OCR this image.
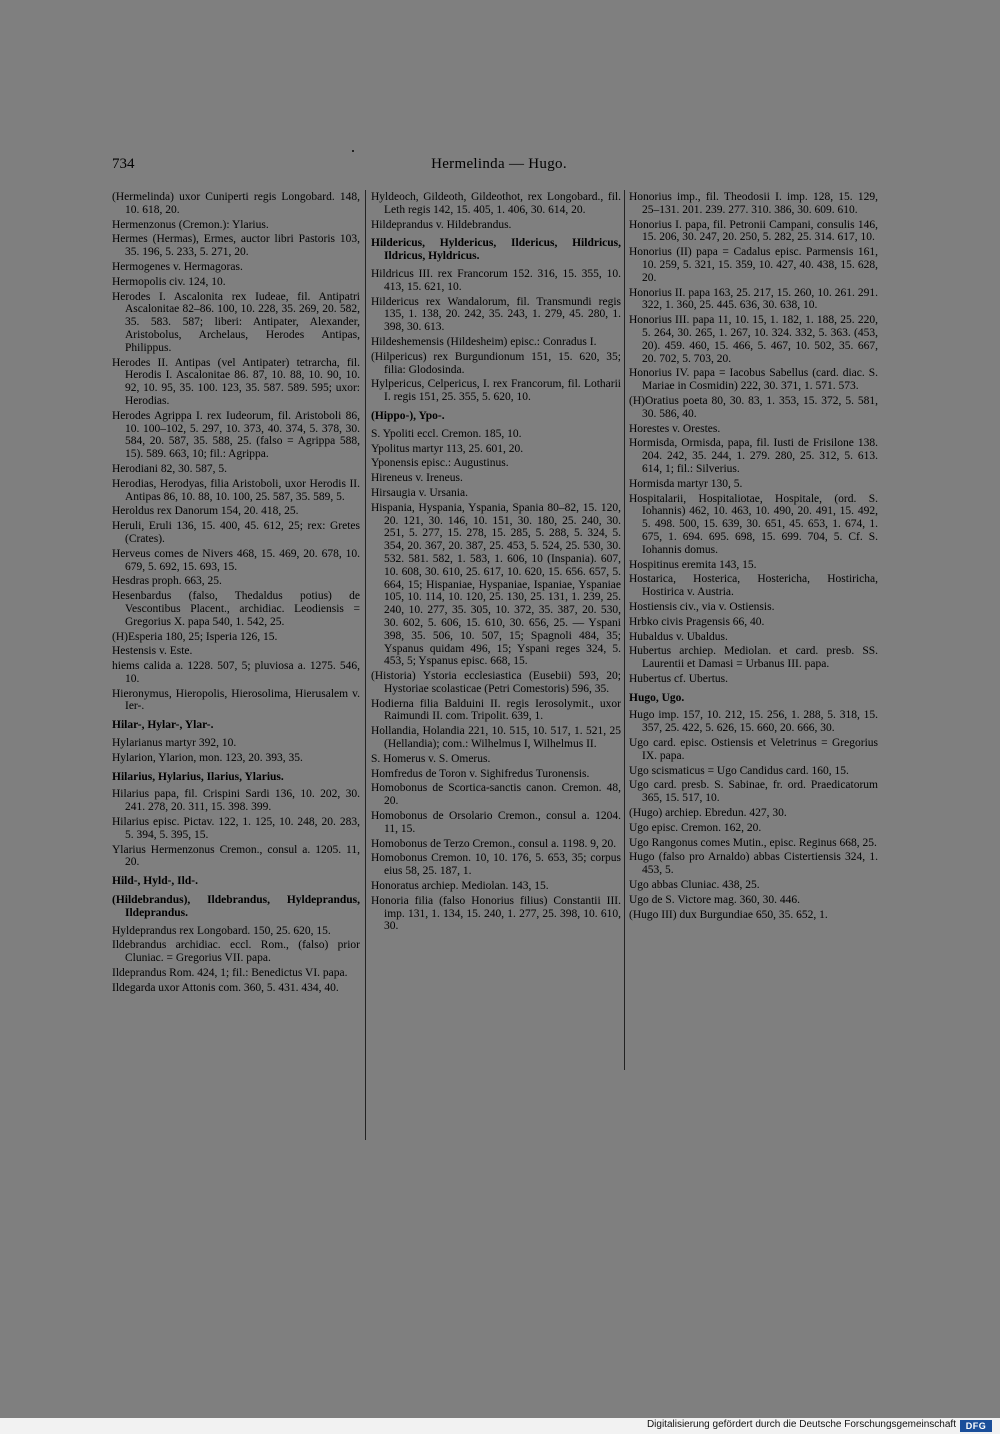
734	Hermelinda — Hugo.
(Hermelinda) uxor Cuniperti regis Longobard. 148, 10. 618, 20.
Hermenzonus (Cremon.): Ylarius.
Hermes (Hermas), Ermes, auctor libri Pastoris 103, 35. 196, 5. 233, 5. 271, 20.
Hermogenes v. Hermagoras.
Hermopolis civ. 124, 10.
Herodes I. Ascalonita rex Iudeae, fil. Antipatri Ascalonitae 82–86. 100, 10. 228, 35. 269, 20. 582, 35. 583. 587; liberi: Antipater, Alexander, Aristobolus, Archelaus, Herodes Antipas, Philippus.
Herodes II. Antipas (vel Antipater) tetrarcha, fil. Herodis I. Ascalonitae 86. 87, 10. 88, 10. 90, 10. 92, 10. 95, 35. 100. 123, 35. 587. 589. 595; uxor: Herodias.
Herodes Agrippa I. rex Iudeorum, fil. Aristoboli 86, 10. 100–102, 5. 297, 10. 373, 40. 374, 5. 378, 30. 584, 20. 587, 35. 588, 25. (falso = Agrippa 588, 15). 589. 663, 10; fil.: Agrippa.
Herodiani 82, 30. 587, 5.
Herodias, Herodyas, filia Aristoboli, uxor Herodis II. Antipas 86, 10. 88, 10. 100, 25. 587, 35. 589, 5.
Heroldus rex Danorum 154, 20. 418, 25.
Heruli, Eruli 136, 15. 400, 45. 612, 25; rex: Gretes (Crates).
Herveus comes de Nivers 468, 15. 469, 20. 678, 10. 679, 5. 692, 15. 693, 15.
Hesdras proph. 663, 25.
Hesenbardus (falso, Thedaldus potius) de Vescontibus Placent., archidiac. Leodiensis = Gregorius X. papa 540, 1. 542, 25.
(H)Esperia 180, 25; Isperia 126, 15.
Hestensis v. Este.
hiems calida a. 1228. 507, 5; pluviosa a. 1275. 546, 10.
Hieronymus, Hieropolis, Hierosolima, Hierusalem v. Ier-.
Hilar-, Hylar-, Ylar-.
Hylarianus martyr 392, 10.
Hylarion, Ylarion, mon. 123, 20. 393, 35.
Hilarius, Hylarius, Ilarius, Ylarius.
Hilarius papa, fil. Crispini Sardi 136, 10. 202, 30. 241. 278, 20. 311, 15. 398. 399.
Hilarius episc. Pictav. 122, 1. 125, 10. 248, 20. 283, 5. 394, 5. 395, 15.
Ylarius Hermenzonus Cremon., consul a. 1205. 11, 20.
Hild-, Hyld-, Ild-.
(Hildebrandus), Ildebrandus, Hyldeprandus, Ildeprandus.
Hyldeprandus rex Longobard. 150, 25. 620, 15.
Ildebrandus archidiac. eccl. Rom., (falso) prior Cluniac. = Gregorius VII. papa.
Ildeprandus Rom. 424, 1; fil.: Benedictus VI. papa.
Ildegarda uxor Attonis com. 360, 5. 431. 434, 40.
Hyldeoch, Gildeoth, Gildeothot, rex Longobard., fil. Leth regis 142, 15. 405, 1. 406, 30. 614, 20.
Hildeprandus v. Hildebrandus.
Hildericus, Hyldericus, Ildericus, Hildricus, Ildricus, Hyldricus.
Hildricus III. rex Francorum 152. 316, 15. 355, 10. 413, 15. 621, 10.
Hildericus rex Wandalorum, fil. Transmundi regis 135, 1. 138, 20. 242, 35. 243, 1. 279, 45. 280, 1. 398, 30. 613.
Hildeshemensis (Hildesheim) episc.: Conradus I.
(Hilpericus) rex Burgundionum 151, 15. 620, 35; filia: Glodosinda.
Hylpericus, Celpericus, I. rex Francorum, fil. Lotharii I. regis 151, 25. 355, 5. 620, 10.
(Hippo-), Ypo-.
S. Ypoliti eccl. Cremon. 185, 10.
Ypolitus martyr 113, 25. 601, 20.
Yponensis episc.: Augustinus.
Hireneus v. Ireneus.
Hirsaugia v. Ursania.
Hispania, Hyspania, Yspania, Spania 80–82, 15. 120, 20. 121, 30. 146, 10. 151, 30. 180, 25. 240, 30. 251, 5. 277, 15. 278, 15. 285, 5. 288, 5. 324, 5. 354, 20. 367, 20. 387, 25. 453, 5. 524, 25. 530, 30. 532. 581. 582, 1. 583, 1. 606, 10 (Inspania). 607, 10. 608, 30. 610, 25. 617, 10. 620, 15. 656. 657, 5. 664, 15; Hispaniae, Hyspaniae, Ispaniae, Yspaniae 105, 10. 114, 10. 120, 25. 130, 25. 131, 1. 239, 25. 240, 10. 277, 35. 305, 10. 372, 35. 387, 20. 530, 30. 602, 5. 606, 15. 610, 30. 656, 25. — Yspani 398, 35. 506, 10. 507, 15; Spagnoli 484, 35; Yspanus quidam 496, 15; Yspani reges 324, 5. 453, 5; Yspanus episc. 668, 15.
(Historia) Ystoria ecclesiastica (Eusebii) 593, 20; Hystoriae scolasticae (Petri Comestoris) 596, 35.
Hodierna filia Balduini II. regis Ierosolymit., uxor Raimundi II. com. Tripolit. 639, 1.
Hollandia, Holandia 221, 10. 515, 10. 517, 1. 521, 25 (Hellandia); com.: Wilhelmus I, Wilhelmus II.
S. Homerus v. S. Omerus.
Homfredus de Toron v. Sighifredus Turonensis.
Homobonus de Scortica-sanctis canon. Cremon. 48, 20.
Homobonus de Orsolario Cremon., consul a. 1204. 11, 15.
Homobonus de Terzo Cremon., consul a. 1198. 9, 20.
Homobonus Cremon. 10, 10. 176, 5. 653, 35; corpus eius 58, 25. 187, 1.
Honoratus archiep. Mediolan. 143, 15.
Honoria filia (falso Honorius filius) Constantii III. imp. 131, 1. 134, 15. 240, 1. 277, 25. 398, 10. 610, 30.
Honorius imp., fil. Theodosii I. imp. 128, 15. 129, 25–131. 201. 239. 277. 310. 386, 30. 609. 610.
Honorius I. papa, fil. Petronii Campani, consulis 146, 15. 206, 30. 247, 20. 250, 5. 282, 25. 314. 617, 10.
Honorius (II) papa = Cadalus episc. Parmensis 161, 10. 259, 5. 321, 15. 359, 10. 427, 40. 438, 15. 628, 20.
Honorius II. papa 163, 25. 217, 15. 260, 10. 261. 291. 322, 1. 360, 25. 445. 636, 30. 638, 10.
Honorius III. papa 11, 10. 15, 1. 182, 1. 188, 25. 220, 5. 264, 30. 265, 1. 267, 10. 324. 332, 5. 363. (453, 20). 459. 460, 15. 466, 5. 467, 10. 502, 35. 667, 20. 702, 5. 703, 20.
Honorius IV. papa = Iacobus Sabellus (card. diac. S. Mariae in Cosmidin) 222, 30. 371, 1. 571. 573.
(H)Oratius poeta 80, 30. 83, 1. 353, 15. 372, 5. 581, 30. 586, 40.
Horestes v. Orestes.
Hormisda, Ormisda, papa, fil. Iusti de Frisilone 138. 204. 242, 35. 244, 1. 279. 280, 25. 312, 5. 613. 614, 1; fil.: Silverius.
Hormisda martyr 130, 5.
Hospitalarii, Hospitaliotae, Hospitale, (ord. S. Iohannis) 462, 10. 463, 10. 490, 20. 491, 15. 492, 5. 498. 500, 15. 639, 30. 651, 45. 653, 1. 674, 1. 675, 1. 694. 695. 698, 15. 699. 704, 5. Cf. S. Iohannis domus.
Hospitinus eremita 143, 15.
Hostarica, Hosterica, Hostericha, Hostiricha, Hostirica v. Austria.
Hostiensis civ., via v. Ostiensis.
Hrbko civis Pragensis 66, 40.
Hubaldus v. Ubaldus.
Hubertus archiep. Mediolan. et card. presb. SS. Laurentii et Damasi = Urbanus III. papa.
Hubertus cf. Ubertus.
Hugo, Ugo.
Hugo imp. 157, 10. 212, 15. 256, 1. 288, 5. 318, 15. 357, 25. 422, 5. 626, 15. 660, 20. 666, 30.
Ugo card. episc. Ostiensis et Veletrinus = Gregorius IX. papa.
Ugo scismaticus = Ugo Candidus card. 160, 15.
Ugo card. presb. S. Sabinae, fr. ord. Praedicatorum 365, 15. 517, 10.
(Hugo) archiep. Ebredun. 427, 30.
Ugo episc. Cremon. 162, 20.
Ugo Rangonus comes Mutin., episc. Reginus 668, 25.
Hugo (falso pro Arnaldo) abbas Cistertiensis 324, 1. 453, 5.
Ugo abbas Cluniac. 438, 25.
Ugo de S. Victore mag. 360, 30. 446.
(Hugo III) dux Burgundiae 650, 35. 652, 1.
Digitalisierung gefördert durch die Deutsche Forschungsgemeinschaft	DFG
